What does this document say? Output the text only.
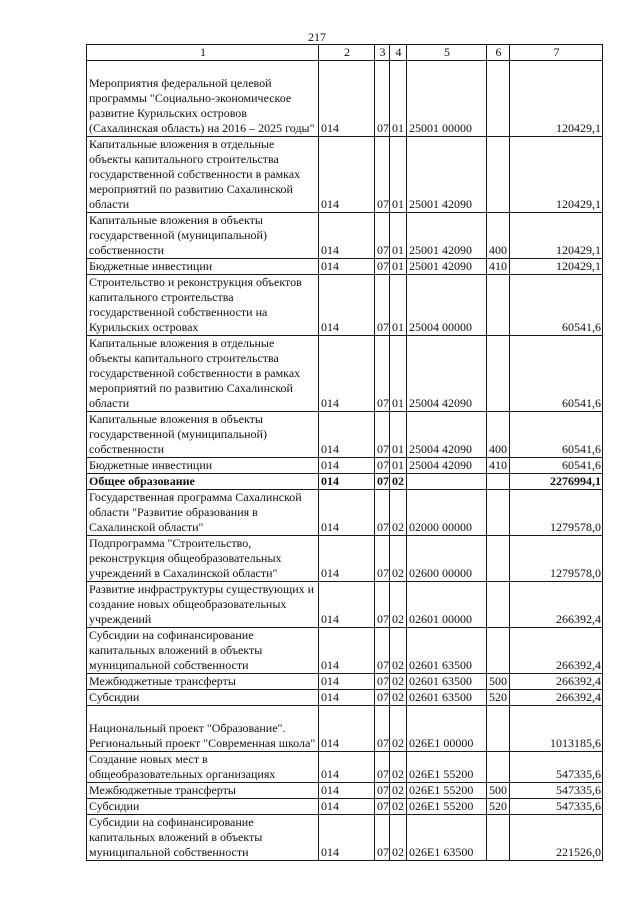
217
1	2	3	4	5	6	7
Мероприятия федеральной целевой программы "Социально-экономическое развитие Курильских островов (Сахалинская область) на 2016 – 2025 годы"	014	07	01	25001 00000		120429,1
Капитальные вложения в отдельные объекты капитального строительства государственной собственности в рамках мероприятий по развитию Сахалинской области	014	07	01	25001 42090		120429,1
Капитальные вложения в объекты государственной (муниципальной) собственности	014	07	01	25001 42090	400	120429,1
Бюджетные инвестиции	014	07	01	25001 42090	410	120429,1
Строительство и реконструкция объектов капитального строительства государственной собственности на Курильских островах	014	07	01	25004 00000		60541,6
Капитальные вложения в отдельные объекты капитального строительства государственной собственности в рамках мероприятий по развитию Сахалинской области	014	07	01	25004 42090		60541,6
Капитальные вложения в объекты государственной (муниципальной) собственности	014	07	01	25004 42090	400	60541,6
Бюджетные инвестиции	014	07	01	25004 42090	410	60541,6
Общее образование	014	07	02			2276994,1
Государственная программа Сахалинской области "Развитие образования в Сахалинской области"	014	07	02	02000 00000		1279578,0
Подпрограмма "Строительство, реконструкция общеобразовательных учреждений в Сахалинской области"	014	07	02	02600 00000		1279578,0
Развитие инфраструктуры существующих и создание новых общеобразовательных учреждений	014	07	02	02601 00000		266392,4
Субсидии на софинансирование капитальных вложений в объекты муниципальной собственности	014	07	02	02601 63500		266392,4
Межбюджетные трансферты	014	07	02	02601 63500	500	266392,4
Субсидии	014	07	02	02601 63500	520	266392,4
Национальный проект "Образование". Региональный проект "Современная школа"	014	07	02	026E1 00000		1013185,6
Создание новых мест в общеобразовательных организациях	014	07	02	026E1 55200		547335,6
Межбюджетные трансферты	014	07	02	026E1 55200	500	547335,6
Субсидии	014	07	02	026E1 55200	520	547335,6
Субсидии на софинансирование капитальных вложений в объекты муниципальной собственности	014	07	02	026E1 63500		221526,0
